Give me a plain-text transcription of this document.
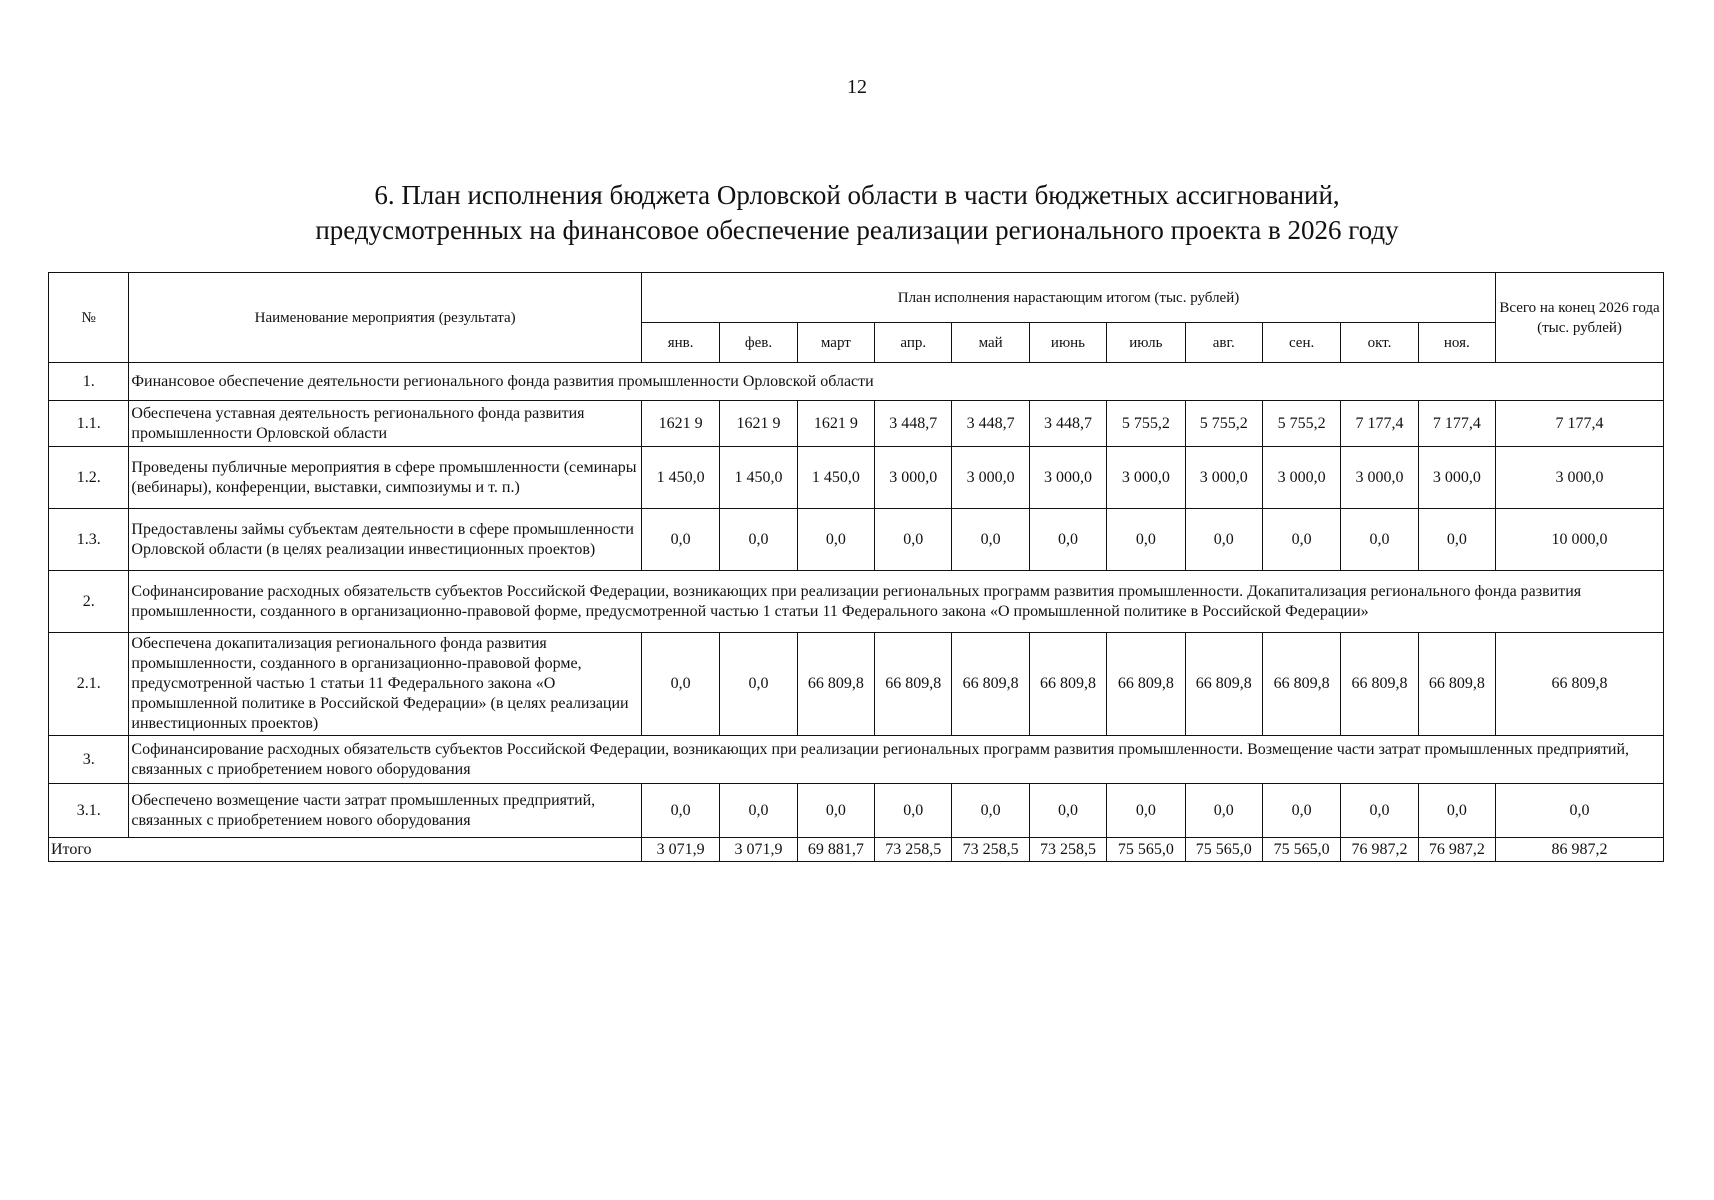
12
6. План исполнения бюджета Орловской области в части бюджетных ассигнований,
предусмотренных на финансовое обеспечение реализации регионального проекта в 2026 году
№	Наименование мероприятия (результата)	План исполнения нарастающим итогом (тыс. рублей)											Всего на конец 2026 года (тыс. рублей)
		янв.	фев.	март	апр.	май	июнь	июль	авг.	сен.	окт.	ноя.	
1.	Финансовое обеспечение деятельности регионального фонда развития промышленности Орловской области												
1.1.	Обеспечена уставная деятельность регионального фонда развития промышленности Орловской области	1621 9	1621 9	1621 9	3 448,7	3 448,7	3 448,7	5 755,2	5 755,2	5 755,2	7 177,4	7 177,4	7 177,4
1.2.	Проведены публичные мероприятия в сфере промышленности (семинары (вебинары), конференции, выставки, симпозиумы и т. п.)	1 450,0	1 450,0	1 450,0	3 000,0	3 000,0	3 000,0	3 000,0	3 000,0	3 000,0	3 000,0	3 000,0	3 000,0
1.3.	Предоставлены займы субъектам деятельности в сфере промышленности Орловской области (в целях реализации инвестиционных проектов)	0,0	0,0	0,0	0,0	0,0	0,0	0,0	0,0	0,0	0,0	0,0	10 000,0
2.	Софинансирование расходных обязательств субъектов Российской Федерации, возникающих при реализации региональных программ развития промышленности. Докапитализация регионального фонда развития промышленности, созданного в организационно-правовой форме, предусмотренной частью 1 статьи 11 Федерального закона «О промышленной политике в Российской Федерации»												
2.1.	Обеспечена докапитализация регионального фонда развития промышленности, созданного в организационно-правовой форме, предусмотренной частью 1 статьи 11 Федерального закона «О промышленной политике в Российской Федерации» (в целях реализации инвестиционных проектов)	0,0	0,0	66 809,8	66 809,8	66 809,8	66 809,8	66 809,8	66 809,8	66 809,8	66 809,8	66 809,8	66 809,8
3.	Софинансирование расходных обязательств субъектов Российской Федерации, возникающих при реализации региональных программ развития промышленности. Возмещение части затрат промышленных предприятий, связанных с приобретением нового оборудования												
3.1.	Обеспечено возмещение части затрат промышленных предприятий, связанных с приобретением нового оборудования	0,0	0,0	0,0	0,0	0,0	0,0	0,0	0,0	0,0	0,0	0,0	0,0
Итого		3 071,9	3 071,9	69 881,7	73 258,5	73 258,5	73 258,5	75 565,0	75 565,0	75 565,0	76 987,2	76 987,2	86 987,2
